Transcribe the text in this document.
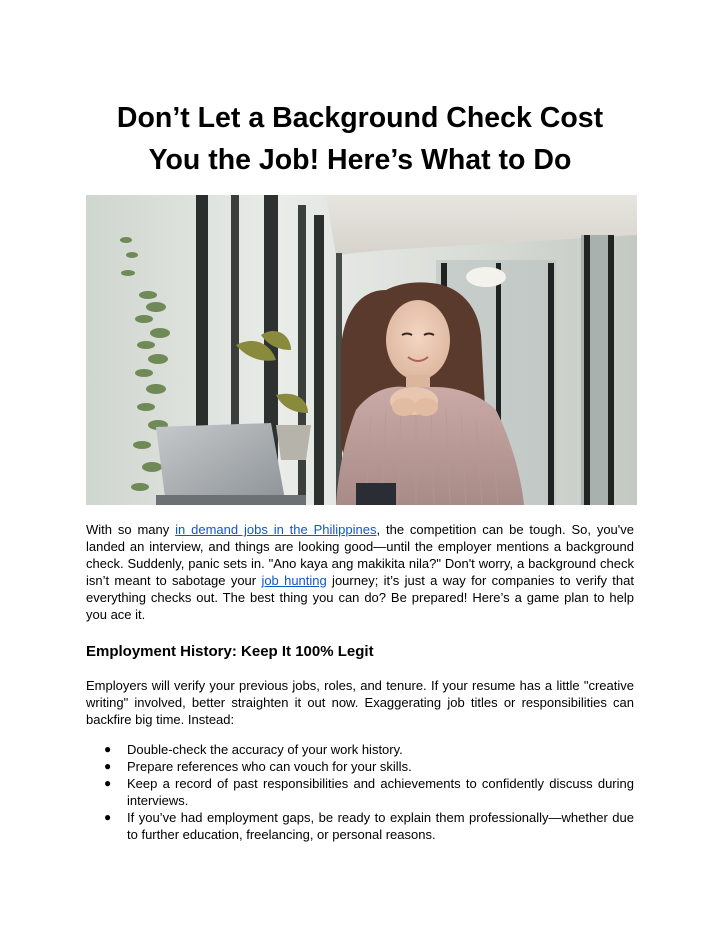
Don’t Let a Background Check Cost
You the Job! Here’s What to Do

With so many in demand jobs in the Philippines, the competition can be tough. So, you've landed an interview, and things are looking good—until the employer mentions a background check. Suddenly, panic sets in. "Ano kaya ang makikita nila?" Don't worry, a background check isn’t meant to sabotage your job hunting journey; it’s just a way for companies to verify that everything checks out. The best thing you can do? Be prepared! Here’s a game plan to help you ace it.

Employment History: Keep It 100% Legit

Employers will verify your previous jobs, roles, and tenure. If your resume has a little "creative writing" involved, better straighten it out now. Exaggerating job titles or responsibilities can backfire big time. Instead:

● Double-check the accuracy of your work history.
● Prepare references who can vouch for your skills.
● Keep a record of past responsibilities and achievements to confidently discuss during interviews.
● If you’ve had employment gaps, be ready to explain them professionally—whether due to further education, freelancing, or personal reasons.
